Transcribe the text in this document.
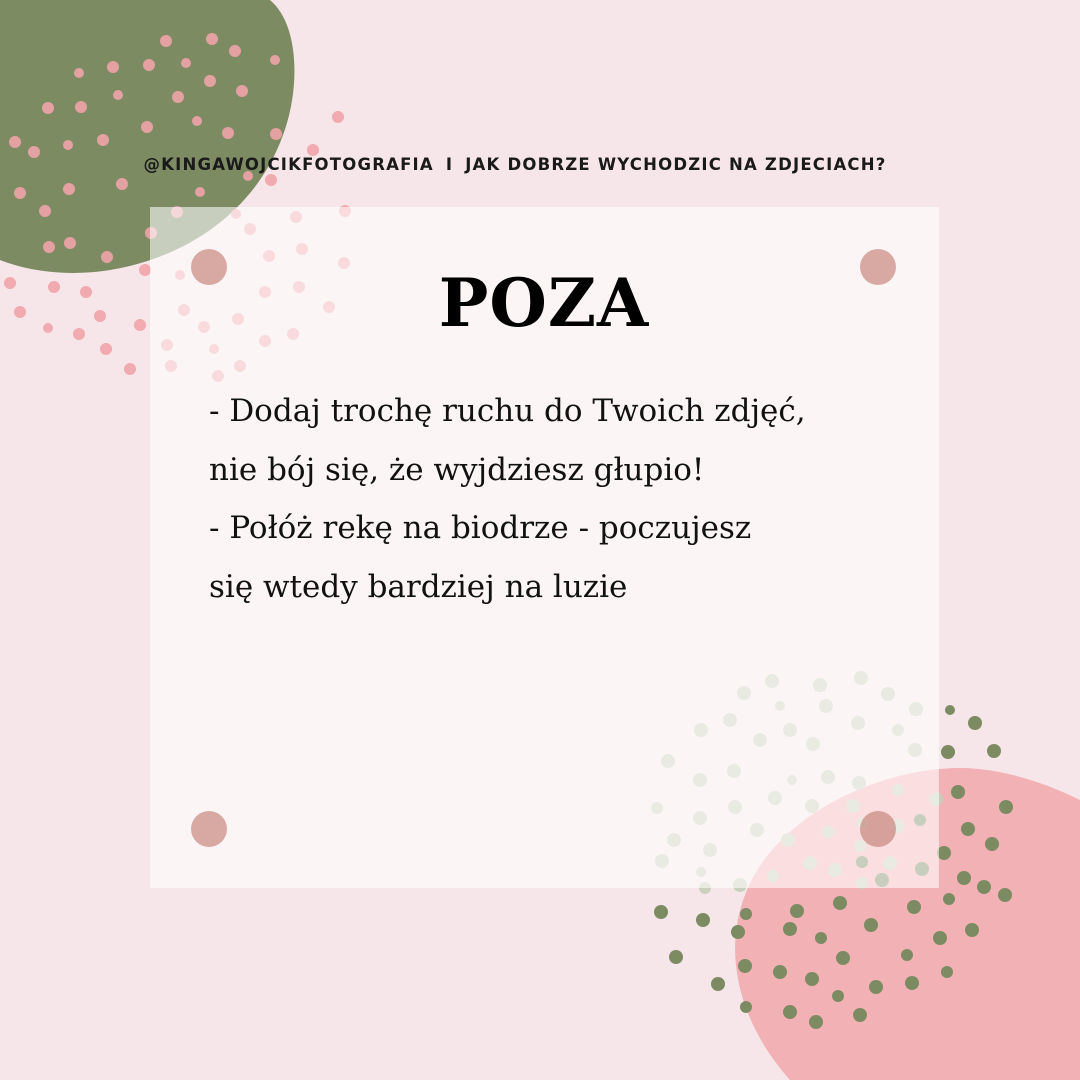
@KINGAWOJCIKFOTOGRAFIA I JAK DOBRZE WYCHODZIC NA ZDJECIACH?
POZA
- Dodaj trochę ruchu do Twoich zdjęć,
nie bój się, że wyjdziesz głupio!
- Połóż rekę na biodrze - poczujesz
się wtedy bardziej na luzie
